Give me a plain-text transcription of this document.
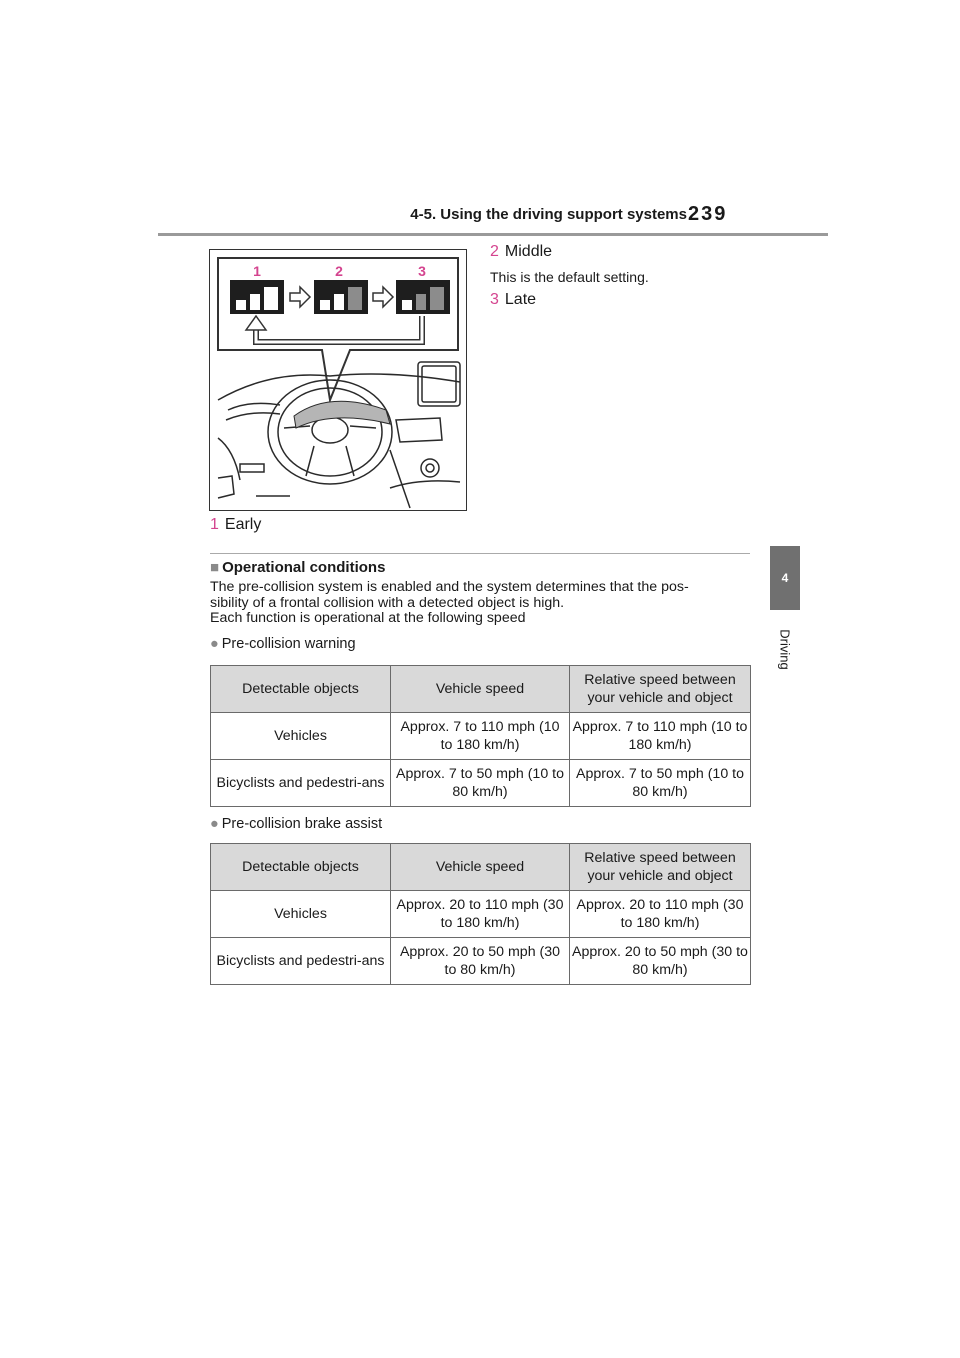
4-5. Using the driving support systems 239
4
Driving
1	2	3
2 Middle
This is the default setting.
3 Late
1 Early
■ Operational conditions

The pre-collision system is enabled and the system determines that the pos-

sibility of a frontal collision with a detected object is high.

Each function is operational at the following speed

● Pre-collision warning
Detectable objects	Vehicle speed	Relative speed between your vehicle and object
Vehicles	Approx. 7 to 110 mph (10 to 180 km/h)	Approx. 7 to 110 mph (10 to 180 km/h)
Bicyclists and pedestri-ans	Approx. 7 to 50 mph (10 to 80 km/h)	Approx. 7 to 50 mph (10 to 80 km/h)
● Pre-collision brake assist
Detectable objects	Vehicle speed	Relative speed between your vehicle and object
Vehicles	Approx. 20 to 110 mph (30 to 180 km/h)	Approx. 20 to 110 mph (30 to 180 km/h)
Bicyclists and pedestri-ans	Approx. 20 to 50 mph (30 to 80 km/h)	Approx. 20 to 50 mph (30 to 80 km/h)
